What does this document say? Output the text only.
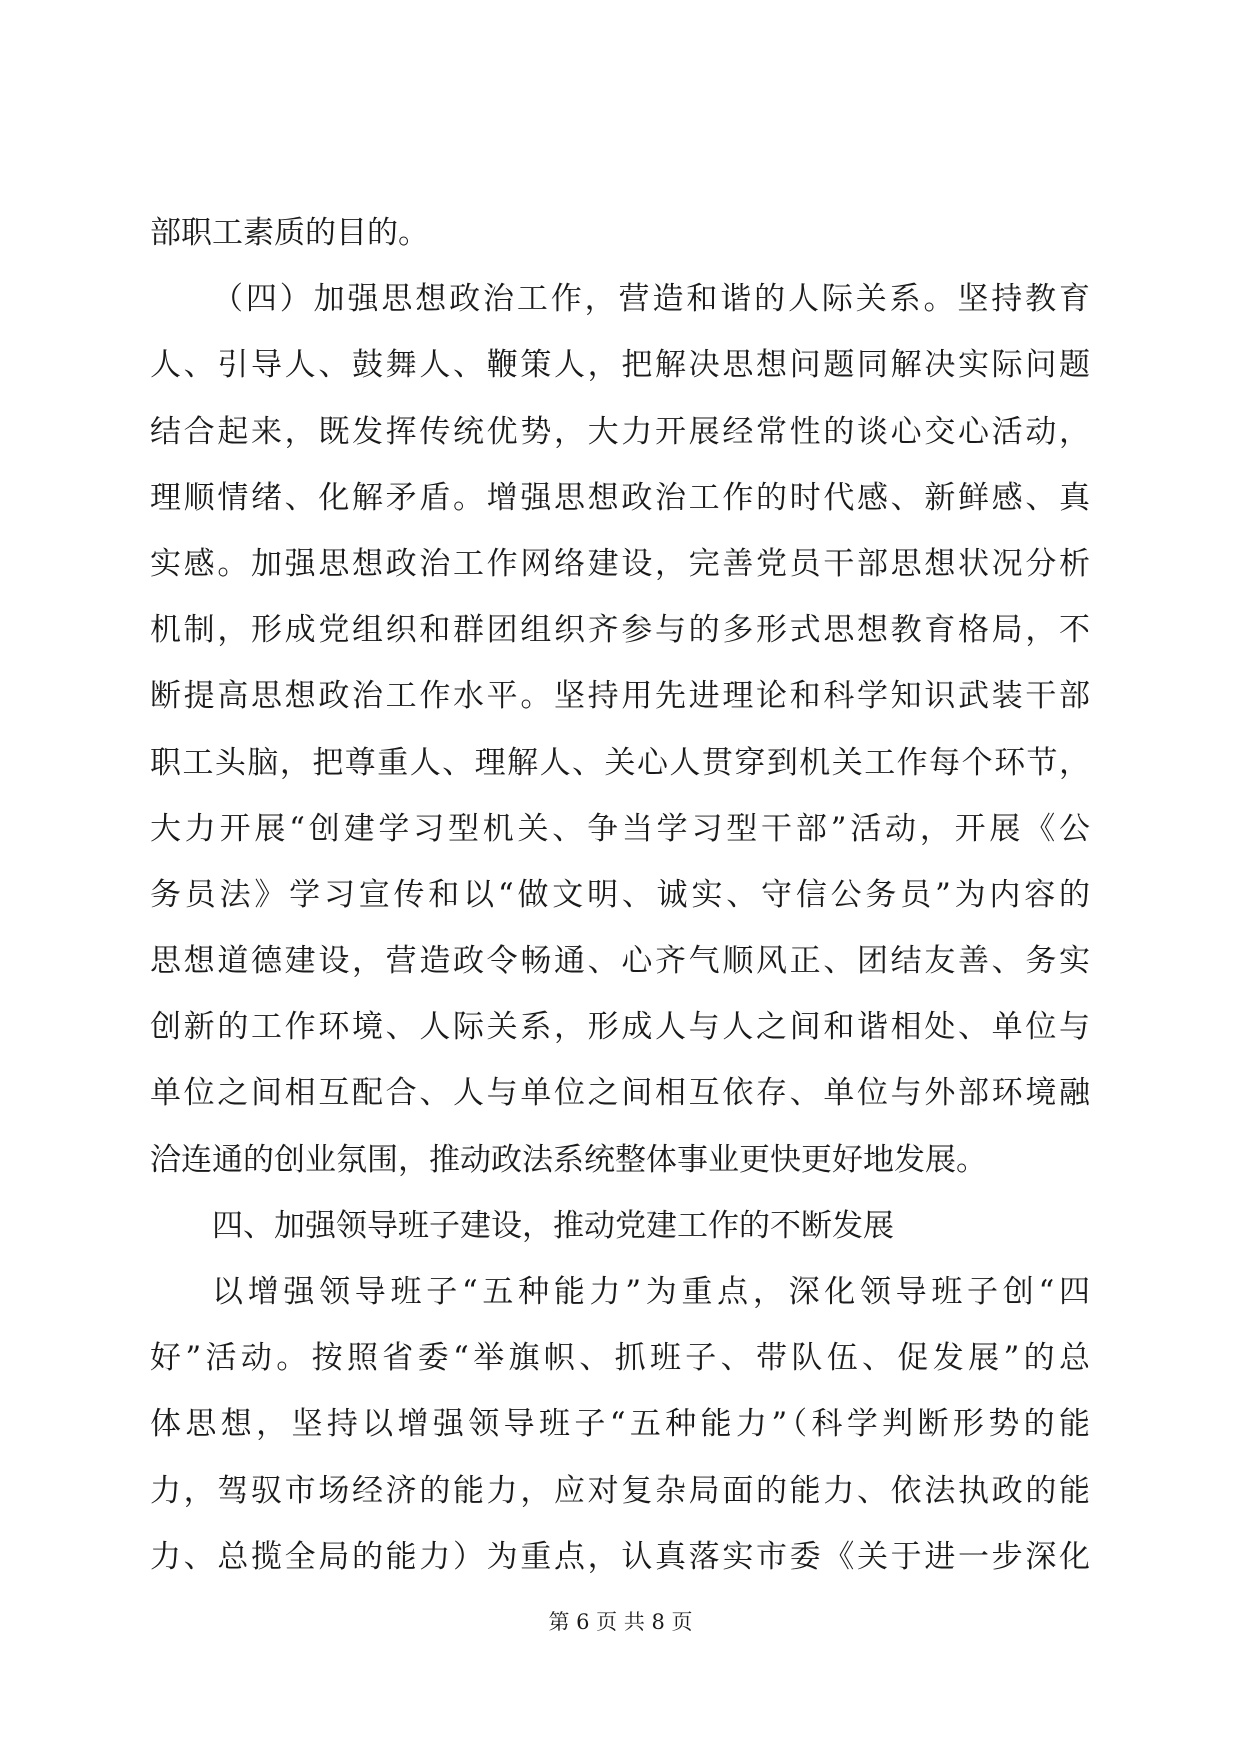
部职工素质的目的。
（四）加强思想政治工作，营造和谐的人际关系。坚持教育
人、引导人、鼓舞人、鞭策人，把解决思想问题同解决实际问题
结合起来，既发挥传统优势，大力开展经常性的谈心交心活动，
理顺情绪、化解矛盾。增强思想政治工作的时代感、新鲜感、真
实感。加强思想政治工作网络建设，完善党员干部思想状况分析
机制，形成党组织和群团组织齐参与的多形式思想教育格局，不
断提高思想政治工作水平。坚持用先进理论和科学知识武装干部
职工头脑，把尊重人、理解人、关心人贯穿到机关工作每个环节，
大力开展“创建学习型机关、争当学习型干部”活动，开展《公
务员法》学习宣传和以“做文明、诚实、守信公务员”为内容的
思想道德建设，营造政令畅通、心齐气顺风正、团结友善、务实
创新的工作环境、人际关系，形成人与人之间和谐相处、单位与
单位之间相互配合、人与单位之间相互依存、单位与外部环境融
洽连通的创业氛围，推动政法系统整体事业更快更好地发展。
四、加强领导班子建设，推动党建工作的不断发展
以增强领导班子“五种能力”为重点，深化领导班子创“四
好”活动。按照省委“举旗帜、抓班子、带队伍、促发展”的总
体思想，坚持以增强领导班子“五种能力”（科学判断形势的能
力，驾驭市场经济的能力，应对复杂局面的能力、依法执政的能
力、总揽全局的能力）为重点，认真落实市委《关于进一步深化
第 6 页 共 8 页
